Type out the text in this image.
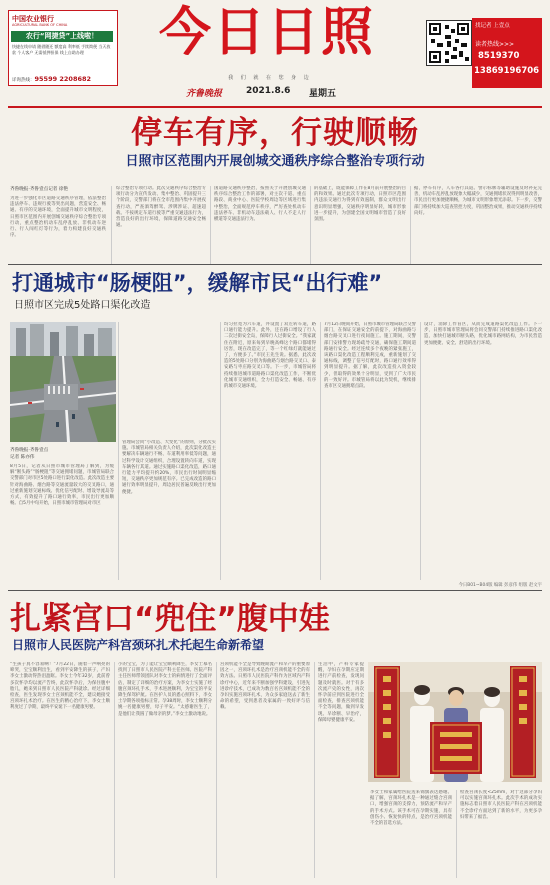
中国农业银行
AGRICULTURAL BANK OF CHINA
农行“网捷贷”上线啦！
快捷在线申请 随借随还 额度高 利率低 手续简便 当天放款 个人客户 无需抵押担保 线上自助办理
详询热线：95599 2208682
今日日照
我 们 就 在 您 身 边
齐鲁晚报	2021.8.6 星期五
找记者 上壹点
读者热线>>>
8519370
13869196706
停车有序，行驶顺畅
日照市区范围内开展创城交通秩序综合整治专项行动
齐鲁晚报·齐鲁壹点记者 徐艳
为进一步强化市区道路交通秩序管理，依法整治违法停车、违规行驶等突出问题，营造安全、畅通、有序的交通环境，全面提升城市文明程度，日照市区范围内开展创城交通秩序综合整治专项行动，重点整治机动车乱停乱放、非机动车逆行、行人闯红灯等行为，着力构建良好交通秩序。
综合整治专项行动。此次交通秩序综合整治专项行动分为宣传发动、集中整治、巩固提升三个阶段，交警部门将在全市范围内集中开展夜查行动，严查酒驾醉驾、涉牌涉证、超速超载、不按规定车道行驶等严重交通违法行为，营造良好的出行环境，保障道路交通安全畅通。
国道路交通秩序整治，按照关于开展创城交通秩序综合整治工作的部署，对主次干道、重点路段、商业中心、医院学校周边等区域进行集中整治，全面规范停车秩序，严厉查处机动车违法停车、非机动车违法载人、行人不走人行横道等交通违法行为。
的基础上，既能保障工作在8月前开展整治的目的和效果。通过此次专项行动，日照市区范围内违法交通行为得到有效遏制，群众文明出行意识明显增强，交通秩序明显好转，城市形象进一步提升，为创建全国文明城市营造了良好氛围。
据，停车有序，人车各行其道。警示标牌等辅助设施及时补充完善，机动车乱停乱放现象大幅减少，交通拥堵状况得到明显改善，市民出行更加便捷顺畅，为城市文明形象增光添彩。下一步，交警部门将持续加大巡查管控力度，巩固整治成果，推动交通秩序持续向好。
打通城市“肠梗阻”，缓解市民“出行难”
日照市区完成5处路口渠化改造
齐鲁晚报·齐鲁壹点
记者 陈亦伟
8月5日，记者从日照市城市管理局了解到，为缓解“断头路”“肠梗阻”等交通拥堵问题，市城管局联合交警部门对市区5处路口进行渠化改造。此次改造主要针对海曲路、烟台路等交通流量较大的交叉路口，通过重新施划交通标线、优化信号配时、增设导流岛等方式，有效提升了路口通行效率，市民出行更加顺畅。自5月中旬开始，日照市城市管理局对市区
管理局会同“小改造、大变化”的原则，分批次实施。市城管局相关负责人介绍，此次渠化改造主要解决车辆通行不畅、车道利用率低等问题，通过科学设计交通组织，合理设置转向车道，实现车辆各行其道。通过实施路口渠化改造，路口通行能力平均提升约20%，市民出行时间明显缩短，交通秩序更加规范有序。已完成改造的路口通行效率明显提升，周边居民普遍反映出行更加便捷。
均匀拉宽为六车道，并设置了双左转车道，路口通行能力提升。此外，还在路口增设了行人二次过街安全岛，保障行人过街安全。“我家就住在附近，原来每到早晚高峰这个路口都堵得厉害，现在改造完了，等一个红绿灯就能通过了，方便多了。”市民王先生说。据悉，此次改造的5处路口分别为海曲路与烟台路交叉口、泰安路与枣庄路交叉口等。下一步，市城管局将持续推进城市道路路口渠化改造工作，不断优化城市交通组织，全力打造安全、畅通、有序的城市交通环境。
7月12日晚间开始，日照市城市管理局联合交警部门，在保证交通安全的前提下，对海曲路与烟台路交叉口进行夜间施工。施工期间，交警部门安排警力现场疏导交通，确保施工期间道路通行安全。经过连续多个夜晚的紧张施工，该路口渠化改造工程顺利完成，重新施划了交通标线，调整了信号灯配时，路口通行效率得到明显提升。据了解，此次改造投入资金较少，但取得的效果十分明显，受到了广大市民的一致好评。市城管局将以此为契机，继续排查市区交通拥堵点段。
设计，消除工作盲区，从而完成道路渠化改造工作。下一步，日照市城市管理局将会同交警部门持续推进路口渠化改造，加快打通城市断头路，优化城市路网结构，为市民营造更加便捷、安全、舒适的出行环境。
今日B01~B04版 编辑 彭彦伟 组版 赵文宇
扎紧宫口“兜住”腹中娃
日照市人民医院产科宫颈环扎术托起生命新希望
“生孩子真不容易啊！”7月22日，随着一声响亮的啼哭，宝宝顺利出生，看到平安降生的孩子，产妇李女士激动得热泪盈眶。李女士今年32岁，此前曾多次怀孕均以流产告终，此次怀孕后，为保住腹中胎儿，她来到日照市人民医院产科就诊。经过详细检查，医生发现李女士宫颈机能不全，建议她接受宫颈环扎术治疗。在医生的精心治疗下，李女士顺利度过了孕期，最终平安诞下一名健康男婴。
小的宝宝，为了能让宝宝顺利降生，李女士慕名找到了日照市人民医院产科主任医师。医院产科主任医师带领团队对李女士的病情进行了全面评估，制定了详细的治疗方案，为李女士实施了经腹宫颈环扎手术，手术进展顺利，为宝宝的平安降生保驾护航。在医护人员的悉心照料下，李女士孕期各项指标正常。孕38周时，李女士顺利分娩一名健康男婴，母子平安。“太感谢医生了，是他们让我圆了做母亲的梦。”李女士激动地说。
宫颈机能不全是导致晚期流产和早产的重要原因之一，宫颈环扎术是治疗宫颈机能不全的有效方法。日照市人民医院产科作为区域内产科诊疗中心，近年来不断加强学科建设，引进先进诊疗技术，已成功为数百名宫颈机能不全的孕妇实施宫颈环扎术，为众多家庭送去了新生命的希望，受到患者及家属的一致好评与信赖。
生活中，产科专家提醒，孕妇在孕期应定期进行产前检查，发现问题及时就医。对于有多次流产史的女性，再次怀孕前应到医院进行全面检查，排查宫颈机能不全等问题，做到早发现、早诊断、早治疗，保障母婴健康平安。
李女士和家属给医院送来锦旗表达感谢。据了解，宫颈环扎术是一种通过缝合宫颈口，增强宫颈的支撑力，预防流产和早产的手术方式。该手术可在孕期实施，具有创伤小、恢复快的特点，是治疗宫颈机能不全的首选方法。
检查宫颈长度<25mm，对于这部分孕妇可以实施宫颈环扎术。此次手术的成功实施标志着日照市人民医院产科在宫颈机能不全诊疗方面达到了新的水平，为更多孕妇带来了福音。
